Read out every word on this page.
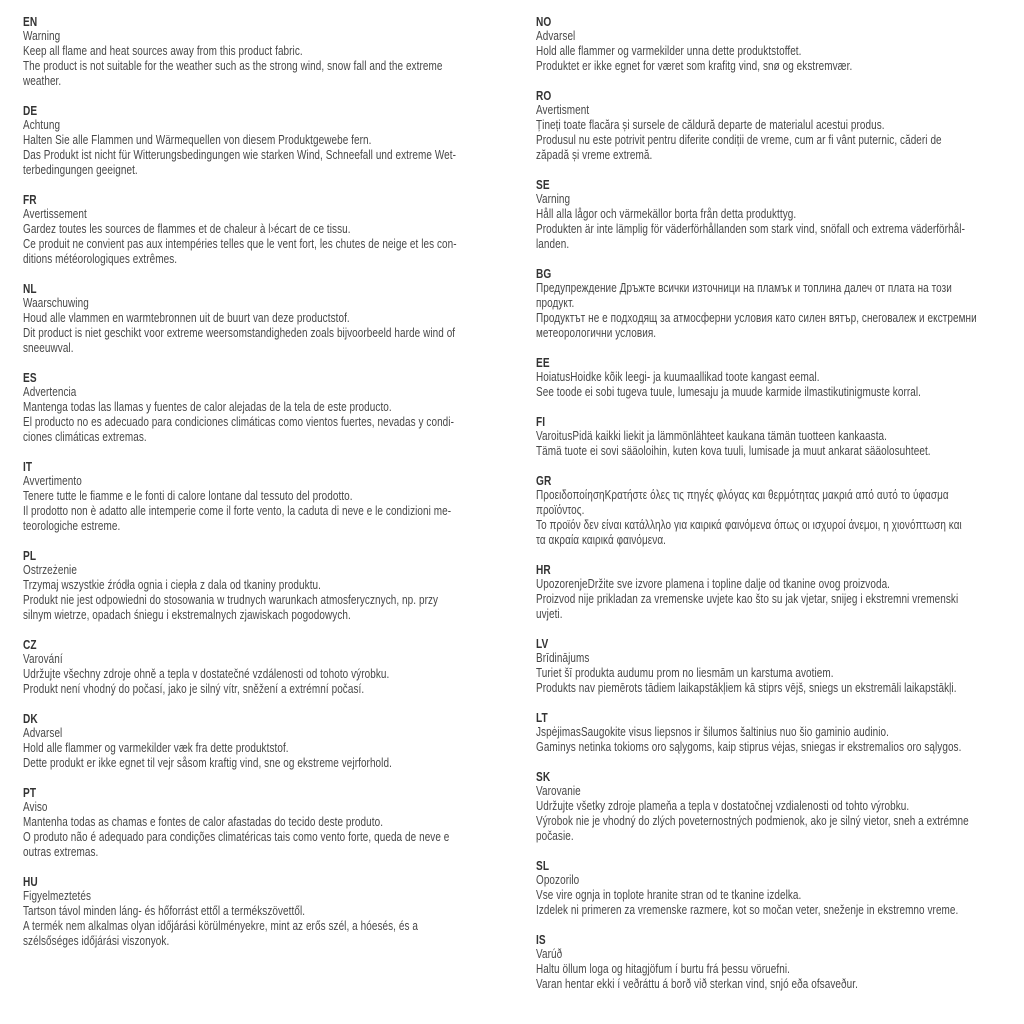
EN
Warning
Keep all flame and heat sources away from this product fabric.
The product is not suitable for the weather such as the strong wind, snow fall and the extreme
weather.
DE
Achtung
Halten Sie alle Flammen und Wärmequellen von diesem Produktgewebe fern.
Das Produkt ist nicht für Witterungsbedingungen wie starken Wind, Schneefall und extreme Wet-
terbedingungen geeignet.
FR
Avertissement
Gardez toutes les sources de flammes et de chaleur à l›écart de ce tissu.
Ce produit ne convient pas aux intempéries telles que le vent fort, les chutes de neige et les con-
ditions météorologiques extrêmes.
NL
Waarschuwing
Houd alle vlammen en warmtebronnen uit de buurt van deze productstof.
Dit product is niet geschikt voor extreme weersomstandigheden zoals bijvoorbeeld harde wind of
sneeuwval.
ES
Advertencia
Mantenga todas las llamas y fuentes de calor alejadas de la tela de este producto.
El producto no es adecuado para condiciones climáticas como vientos fuertes, nevadas y condi-
ciones climáticas extremas.
IT
Avvertimento
Tenere tutte le fiamme e le fonti di calore lontane dal tessuto del prodotto.
Il prodotto non è adatto alle intemperie come il forte vento, la caduta di neve e le condizioni me-
teorologiche estreme.
PL
Ostrzeżenie
Trzymaj wszystkie źródła ognia i ciepła z dala od tkaniny produktu.
Produkt nie jest odpowiedni do stosowania w trudnych warunkach atmosferycznych, np. przy
silnym wietrze, opadach śniegu i ekstremalnych zjawiskach pogodowych.
CZ
Varování
Udržujte všechny zdroje ohně a tepla v dostatečné vzdálenosti od tohoto výrobku.
Produkt není vhodný do počasí, jako je silný vítr, sněžení a extrémní počasí.
DK
Advarsel
Hold alle flammer og varmekilder væk fra dette produktstof.
Dette produkt er ikke egnet til vejr såsom kraftig vind, sne og ekstreme vejrforhold.
PT
Aviso
Mantenha todas as chamas e fontes de calor afastadas do tecido deste produto.
O produto não é adequado para condições climatéricas tais como vento forte, queda de neve e
outras extremas.
HU
Figyelmeztetés
Tartson távol minden láng- és hőforrást ettől a termékszövettől.
A termék nem alkalmas olyan időjárási körülményekre, mint az erős szél, a hóesés, és a
szélsőséges időjárási viszonyok.
NO
Advarsel
Hold alle flammer og varmekilder unna dette produktstoffet.
Produktet er ikke egnet for været som krafitg vind, snø og ekstremvær.
RO
Avertisment
Țineți toate flacăra și sursele de căldură departe de materialul acestui produs.
Produsul nu este potrivit pentru diferite condiții de vreme, cum ar fi vânt puternic, căderi de
zăpadă și vreme extremă.
SE
Varning
Håll alla lågor och värmekällor borta från detta produkttyg.
Produkten är inte lämplig för väderförhållanden som stark vind, snöfall och extrema väderförhål-
landen.
BG
Предупреждение Дръжте всички източници на пламък и топлина далеч от плата на този
продукт.
Продуктът не е подходящ за атмосферни условия като силен вятър, снеговалеж и екстремни
метеорологични условия.
EE
HoiatusHoidke kõik leegi- ja kuumaallikad toote kangast eemal.
See toode ei sobi tugeva tuule, lumesaju ja muude karmide ilmastikutinigmuste korral.
FI
VaroitusPidä kaikki liekit ja lämmönlähteet kaukana tämän tuotteen kankaasta.
Tämä tuote ei sovi sääoloihin, kuten kova tuuli, lumisade ja muut ankarat sääolosuhteet.
GR
ΠροειδοποίησηΚρατήστε όλες τις πηγές φλόγας και θερμότητας μακριά από αυτό το ύφασμα
προϊόντος.
Το προϊόν δεν είναι κατάλληλο για καιρικά φαινόμενα όπως οι ισχυροί άνεμοι, η χιονόπτωση και
τα ακραία καιρικά φαινόμενα.
HR
UpozorenjeDržite sve izvore plamena i topline dalje od tkanine ovog proizvoda.
Proizvod nije prikladan za vremenske uvjete kao što su jak vjetar, snijeg i ekstremni vremenski
uvjeti.
LV
Brīdinājums
Turiet šī produkta audumu prom no liesmām un karstuma avotiem.
Produkts nav piemērots tādiem laikapstākļiem kā stiprs vējš, sniegs un ekstremāli laikapstākļi.
LT
JspėjimasSaugokite visus liepsnos ir šilumos šaltinius nuo šio gaminio audinio.
Gaminys netinka tokioms oro sąlygoms, kaip stiprus vėjas, sniegas ir ekstremalios oro sąlygos.
SK
Varovanie
Udržujte všetky zdroje plameňa a tepla v dostatočnej vzdialenosti od tohto výrobku.
Výrobok nie je vhodný do zlých poveternostných podmienok, ako je silný vietor, sneh a extrémne
počasie.
SL
Opozorilo
Vse vire ognja in toplote hranite stran od te tkanine izdelka.
Izdelek ni primeren za vremenske razmere, kot so močan veter, sneženje in ekstremno vreme.
IS
Varúð
Haltu öllum loga og hitagjöfum í burtu frá þessu vöruefni.
Varan hentar ekki í veðráttu á borð við sterkan vind, snjó eða ofsaveður.
